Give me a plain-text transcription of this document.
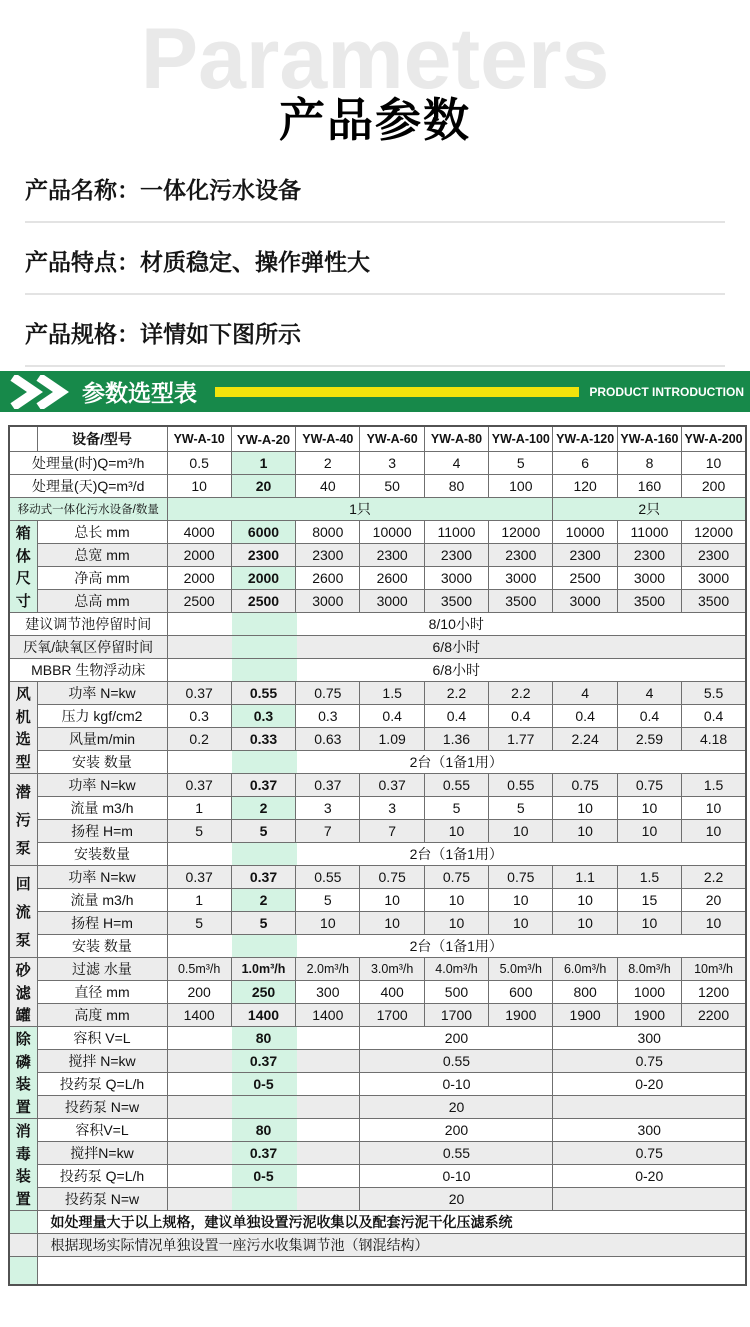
Parameters
产品参数
产品名称：一体化污水设备
产品特点：材质稳定、操作弹性大
产品规格：详情如下图所示
参数选型表	PRODUCT INTRODUCTION
	设备/型号	YW-A-10	YW-A-20	YW-A-40	YW-A-60	YW-A-80	YW-A-100	YW-A-120	YW-A-160	YW-A-200
处理量(时)Q=m³/h		0.5	1	2	3	4	5	6	8	10
处理量(天)Q=m³/d		10	20	40	50	80	100	120	160	200
移动式一体化污水设备/数量		1只						2只		

箱
体
尺
寸	总长 mm	4000	6000	8000	10000	11000	12000	10000	11000	12000
	总宽 mm	2000	2300	2300	2300	2300	2300	2300	2300	2300
	净高 mm	2000	2000	2600	2600	3000	3000	2500	3000	3000
	总高 mm	2500	2500	3000	3000	3500	3500	3000	3500	3500
建议调节池停留时间		8/10小时								
厌氧/缺氧区停留时间		6/8小时								
MBBR 生物浮动床		6/8小时								

风
机
选
型	功率 N=kw	0.37	0.55	0.75	1.5	2.2	2.2	4	4	5.5
	压力 kgf/cm2	0.3	0.3	0.3	0.4	0.4	0.4	0.4	0.4	0.4
	风量m/min	0.2	0.33	0.63	1.09	1.36	1.77	2.24	2.59	4.18
	安装 数量	2台（1备1用）								

潜
污
泵	功率 N=kw	0.37	0.37	0.37	0.37	0.55	0.55	0.75	0.75	1.5
	流量 m3/h	1	2	3	3	5	5	10	10	10
	扬程 H=m	5	5	7	7	10	10	10	10	10
	安装数量	2台（1备1用）								

回
流
泵	功率 N=kw	0.37	0.37	0.55	0.75	0.75	0.75	1.1	1.5	2.2
	流量 m3/h	1	2	5	10	10	10	10	15	20
	扬程 H=m	5	5	10	10	10	10	10	10	10
	安装 数量	2台（1备1用）								

砂
滤
罐	过滤 水量	0.5m³/h	1.0m³/h	2.0m³/h	3.0m³/h	4.0m³/h	5.0m³/h	6.0m³/h	8.0m³/h	10m³/h
	直径 mm	200	250	300	400	500	600	800	1000	1200
	高度 mm	1400	1400	1400	1700	1700	1900	1900	1900	2200

除
磷
装
置	容积 V=L	80			200			300		
	搅拌 N=kw	0.37			0.55			0.75		
	投药泵 Q=L/h	0-5			0-10			0-20		
	投药泵 N=w				20					

消
毒
装
置	容积V=L	80			200			300		
	搅拌N=kw	0.37			0.55			0.75		
	投药泵 Q=L/h	0-5			0-10			0-20		
	投药泵 N=w				20					
	如处理量大于以上规格，建议单独设置污泥收集以及配套污泥干化压滤系统									
	根据现场实际情况单独设置一座污水收集调节池（钢混结构）									
